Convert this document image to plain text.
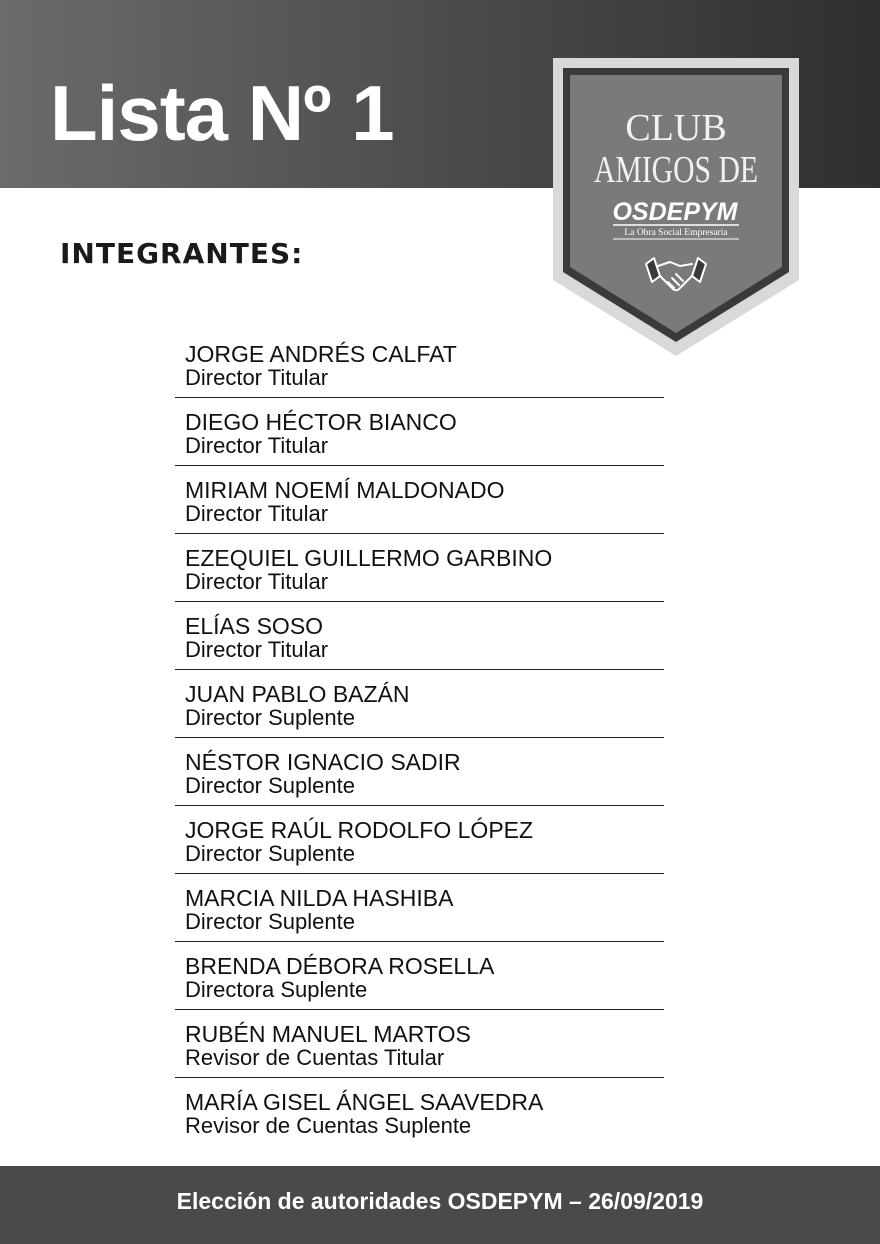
Lista Nº 1	CLUB
AMIGOS DE
OSDEPYM
La Obra Social Empresaria
INTEGRANTES:
JORGE ANDRÉS CALFAT
Director Titular
DIEGO HÉCTOR BIANCO
Director Titular
MIRIAM NOEMÍ MALDONADO
Director Titular
EZEQUIEL GUILLERMO GARBINO
Director Titular
ELÍAS SOSO
Director Titular
JUAN PABLO BAZÁN
Director Suplente
NÉSTOR IGNACIO SADIR
Director Suplente
JORGE RAÚL RODOLFO LÓPEZ
Director Suplente
MARCIA NILDA HASHIBA
Director Suplente
BRENDA DÉBORA ROSELLA
Directora Suplente
RUBÉN MANUEL MARTOS
Revisor de Cuentas Titular
MARÍA GISEL ÁNGEL SAAVEDRA
Revisor de Cuentas Suplente

Elección de autoridades OSDEPYM – 26/09/2019
